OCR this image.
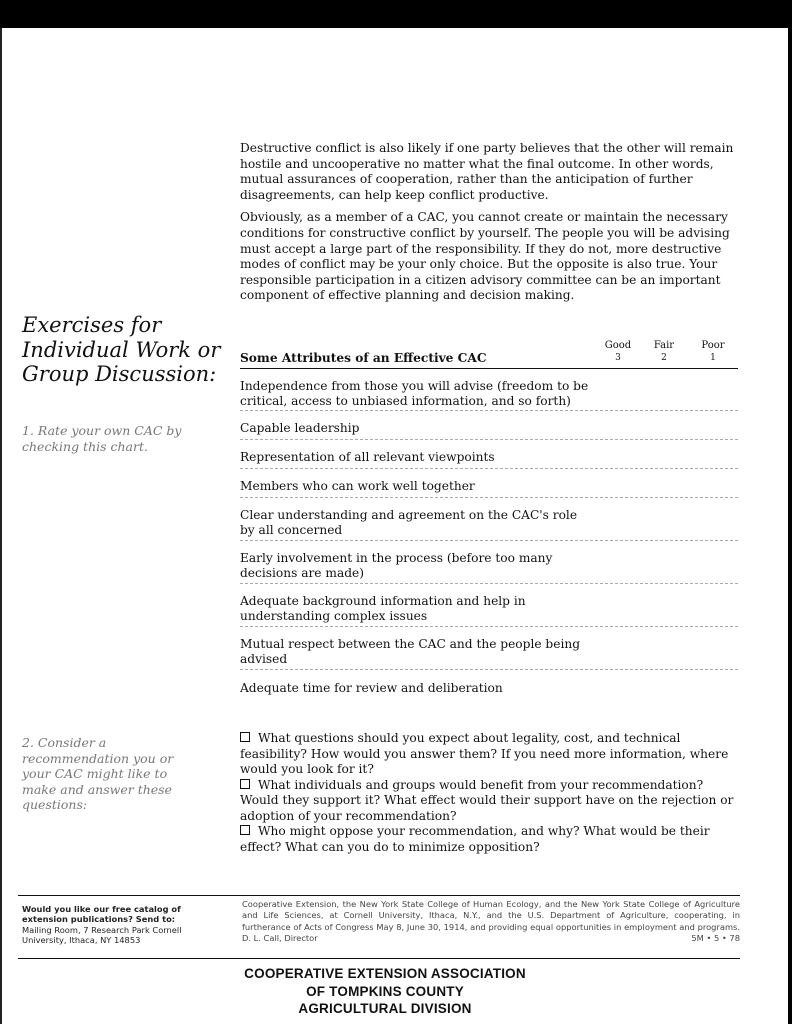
Destructive conflict is also likely if one party believes that the other will remain hostile and uncooperative no matter what the final outcome. In other words, mutual assurances of cooperation, rather than the anticipation of further disagreements, can help keep conflict productive.

Obviously, as a member of a CAC, you cannot create or maintain the necessary conditions for constructive conflict by yourself. The people you will be advising must accept a large part of the responsibility. If they do not, more destructive modes of conflict may be your only choice. But the opposite is also true. Your responsible participation in a citizen advisory committee can be an important component of effective planning and decision making.

Exercises for Individual Work or Group Discussion:
1. Rate your own CAC by checking this chart.
2. Consider a recommendation you or your CAC might like to make and answer these questions:
Some Attributes of an Effective CAC
Good
3
Fair
2
Poor
1
Independence from those you will advise (freedom to be critical, access to unbiased information, and so forth)
Capable leadership
Representation of all relevant viewpoints
Members who can work well together
Clear understanding and agreement on the CAC's role by all concerned
Early involvement in the process (before too many decisions are made)
Adequate background information and help in understanding complex issues
Mutual respect between the CAC and the people being advised
Adequate time for review and deliberation

What questions should you expect about legality, cost, and technical feasibility? How would you answer them? If you need more information, where would you look for it?

What individuals and groups would benefit from your recommendation? Would they support it? What effect would their support have on the rejection or adoption of your recommendation?

Who might oppose your recommendation, and why? What would be their effect? What can you do to minimize opposition?

Would you like our free catalog of extension publications? Send to:
Mailing Room, 7 Research Park Cornell University, Ithaca, NY 14853
Cooperative Extension, the New York State College of Human Ecology, and the New York State College of Agriculture and Life Sciences, at Cornell University, Ithaca, N.Y., and the U.S. Department of Agriculture, cooperating, in furtherance of Acts of Congress May 8, June 30, 1914, and providing equal opportunities in employment and programs. D. L. Call, Director	5M • 5 • 78
COOPERATIVE EXTENSION ASSOCIATION
OF TOMPKINS COUNTY
AGRICULTURAL DIVISION
